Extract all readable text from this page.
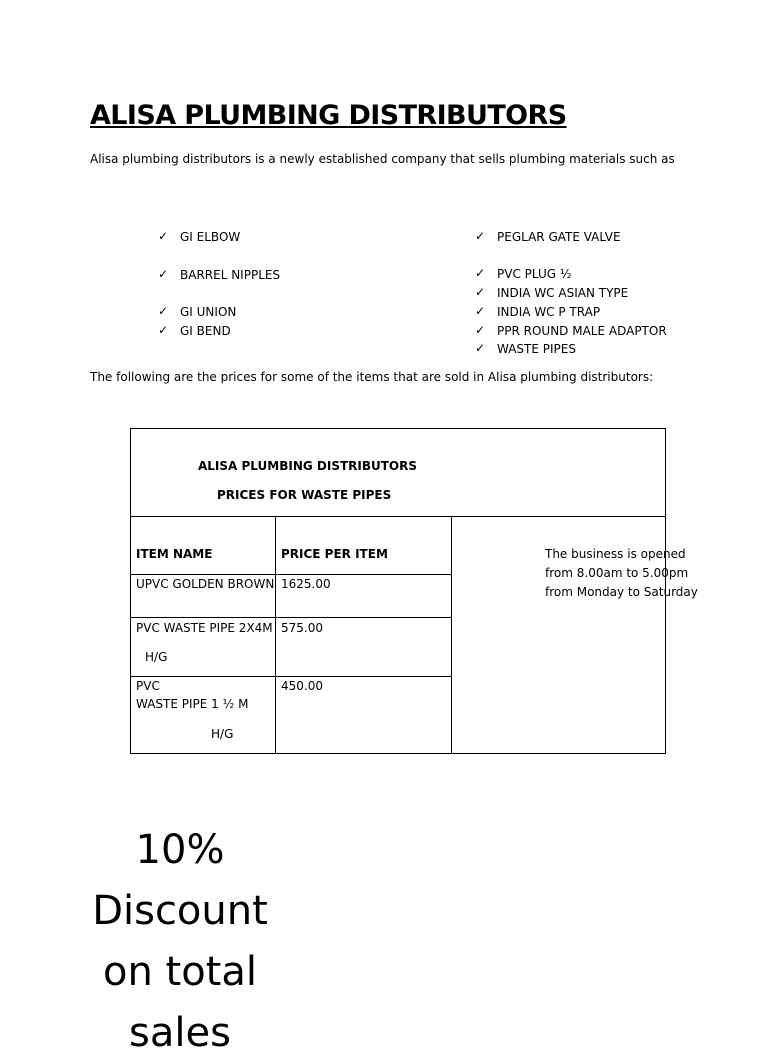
ALISA PLUMBING DISTRIBUTORS
Alisa plumbing distributors is a newly established company that sells plumbing materials such as
✓ GI ELBOW
✓ BARREL NIPPLES
✓ GI UNION
✓ GI BEND
✓ PEGLAR GATE VALVE
✓ PVC PLUG ½
✓ INDIA WC ASIAN TYPE
✓ INDIA WC P TRAP
✓ PPR ROUND MALE ADAPTOR
✓ WASTE PIPES
The following are the prices for some of the items that are sold in Alisa plumbing distributors:
ALISA PLUMBING DISTRIBUTORS
PRICES FOR WASTE PIPES
ITEM NAME	PRICE PER ITEM
UPVC GOLDEN BROWN 1625.00
PVC WASTE PIPE 2X4M
H/G
575.00
PVC
WASTE PIPE 1 ½ M
H/G
450.00
The business is opened
from 8.00am to 5.00pm
from Monday to Saturday
10%
Discount
on total
sales
